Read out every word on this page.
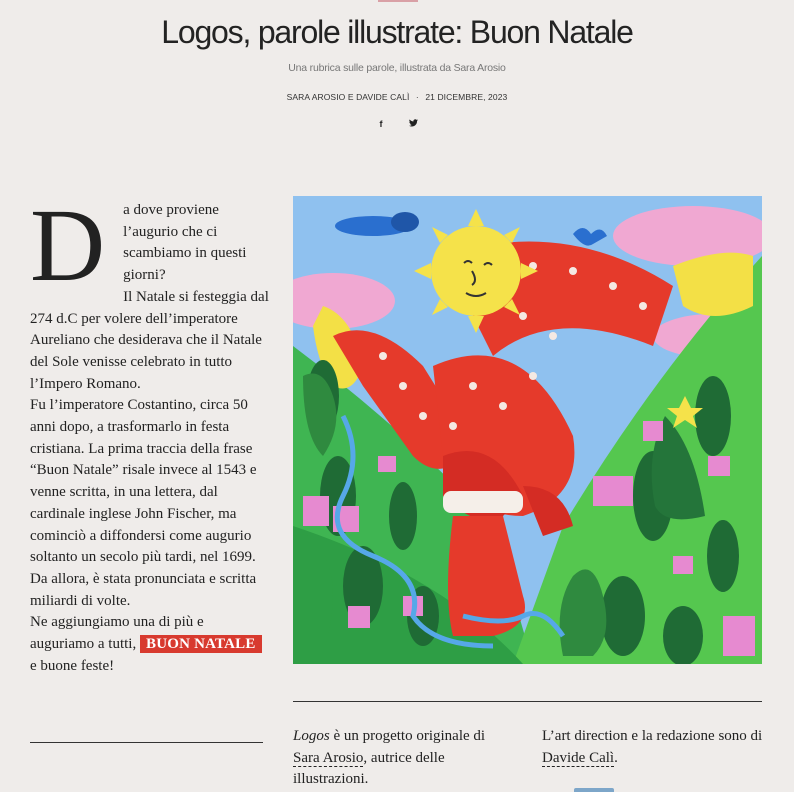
Logos, parole illustrate: Buon Natale
Una rubrica sulle parole, illustrata da Sara Arosio
SARA AROSIO E DAVIDE CALÌ · 21 DICEMBRE, 2023
f
D	a dove proviene l’augurio che ci scambiamo in questi giorni?

Il Natale si festeggia dal 274 d.C per volere dell’imperatore Aureliano che desiderava che il Natale del Sole venisse celebrato in tutto l’Impero Romano.

Fu l’imperatore Costantino, circa 50 anni dopo, a trasformarlo in festa cristiana. La prima traccia della frase “Buon Natale” risale invece al 1543 e venne scritta, in una lettera, dal cardinale inglese John Fischer, ma cominciò a diffondersi come augurio soltanto un secolo più tardi, nel 1699.

Da allora, è stata pronunciata e scritta miliardi di volte.

Ne aggiungiamo una di più e auguriamo a tutti, BUON NATALE e buone feste!

Logos è un progetto originale di Sara Arosio, autrice delle illustrazioni.
L’art direction e la redazione sono di Davide Calì.
